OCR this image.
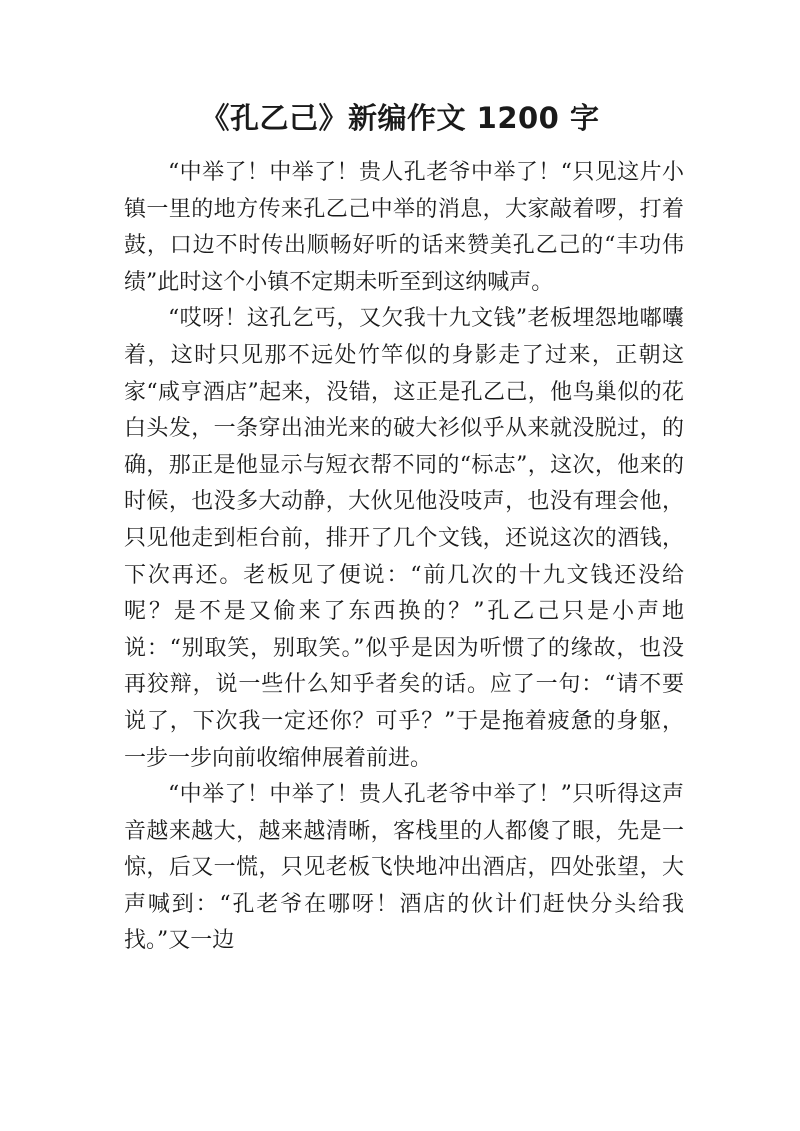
《孔乙己》新编作文 1200 字

“中举了！中举了！贵人孔老爷中举了！“只见这片小镇一里的地方传来孔乙己中举的消息，大家敲着啰，打着鼓，口边不时传出顺畅好听的话来赞美孔乙己的“丰功伟绩”此时这个小镇不定期未听至到这纳喊声。

“哎呀！这孔乞丐，又欠我十九文钱”老板埋怨地嘟囔着，这时只见那不远处竹竿似的身影走了过来，正朝这家“咸亨酒店”起来，没错，这正是孔乙己，他鸟巢似的花白头发，一条穿出油光来的破大衫似乎从来就没脱过，的确，那正是他显示与短衣帮不同的“标志”，这次，他来的时候，也没多大动静，大伙见他没吱声，也没有理会他，只见他走到柜台前，排开了几个文钱，还说这次的酒钱，下次再还。老板见了便说：“前几次的十九文钱还没给呢？是不是又偷来了东西换的？”孔乙己只是小声地说：“别取笑，别取笑。”似乎是因为听惯了的缘故，也没再狡辩，说一些什么知乎者矣的话。应了一句：“请不要说了，下次我一定还你？可乎？”于是拖着疲惫的身躯，一步一步向前收缩伸展着前进。

“中举了！中举了！贵人孔老爷中举了！”只听得这声音越来越大，越来越清晰，客栈里的人都傻了眼，先是一惊，后又一慌，只见老板飞快地冲出酒店，四处张望，大声喊到：“孔老爷在哪呀！酒店的伙计们赶快分头给我找。”又一边
